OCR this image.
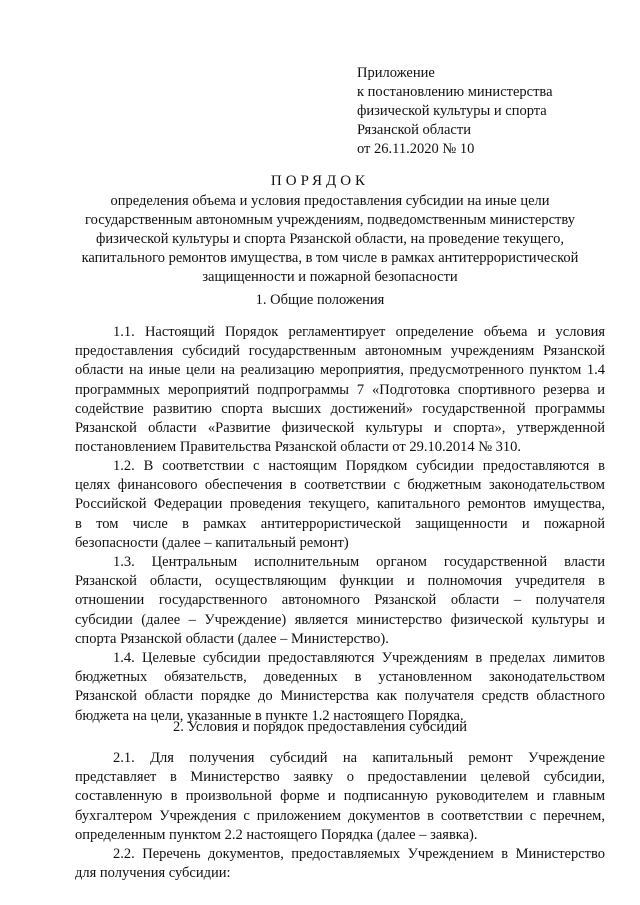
Приложение
к постановлению министерства
физической культуры и спорта
Рязанской области
от 26.11.2020 № 10
ПОРЯДОК
определения объема и условия предоставления субсидии на иные цели
государственным автономным учреждениям, подведомственным министерству
физической культуры и спорта Рязанской области, на проведение текущего,
капитального ремонтов имущества, в том числе в рамках антитеррористической
защищенности и пожарной безопасности
1. Общие положения
1.1. Настоящий Порядок регламентирует определение объема и условия
предоставления субсидий государственным автономным учреждениям Рязанской
области на иные цели на реализацию мероприятия, предусмотренного пунктом 1.4
программных мероприятий подпрограммы 7 «Подготовка спортивного резерва и
содействие развитию спорта высших достижений» государственной программы
Рязанской области «Развитие физической культуры и спорта», утвержденной
постановлением Правительства Рязанской области от 29.10.2014 № 310.
1.2. В соответствии с настоящим Порядком субсидии предоставляются в
целях финансового обеспечения в соответствии с бюджетным законодательством
Российской Федерации проведения текущего, капитального ремонтов имущества,
в том числе в рамках антитеррористической защищенности и пожарной
безопасности (далее – капитальный ремонт)
1.3. Центральным исполнительным органом государственной власти
Рязанской области, осуществляющим функции и полномочия учредителя в
отношении государственного автономного Рязанской области – получателя
субсидии (далее – Учреждение) является министерство физической культуры и
спорта Рязанской области (далее – Министерство).
1.4. Целевые субсидии предоставляются Учреждениям в пределах лимитов
бюджетных обязательств, доведенных в установленном законодательством
Рязанской области порядке до Министерства как получателя средств областного
бюджета на цели, указанные в пункте 1.2 настоящего Порядка.
2. Условия и порядок предоставления субсидий
2.1. Для получения субсидий на капитальный ремонт Учреждение
представляет в Министерство заявку о предоставлении целевой субсидии,
составленную в произвольной форме и подписанную руководителем и главным
бухгалтером Учреждения с приложением документов в соответствии с перечнем,
определенным пунктом 2.2 настоящего Порядка (далее – заявка).
2.2. Перечень документов, предоставляемых Учреждением в Министерство
для получения субсидии:
